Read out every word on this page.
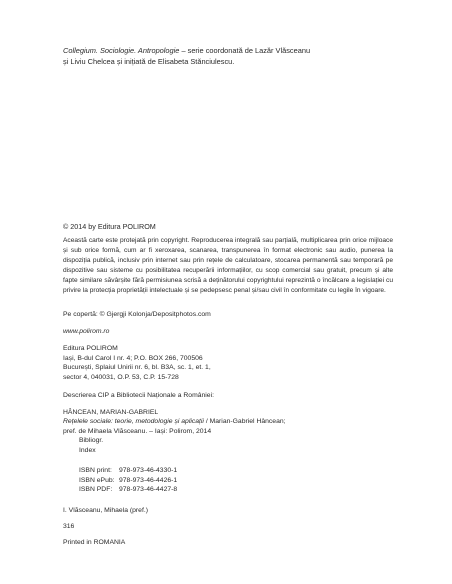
Collegium. Sociologie. Antropologie – serie coordonată de Lazăr Vlăsceanu
și Liviu Chelcea și inițiată de Elisabeta Stănciulescu.
© 2014 by Editura POLIROM
Această carte este protejată prin copyright. Reproducerea integrală sau parțială, multiplicarea prin orice mijloace și sub orice formă, cum ar fi xeroxarea, scanarea, transpunerea în format electronic sau audio, punerea la dispoziția publică, inclusiv prin internet sau prin rețele de calculatoare, stocarea permanentă sau temporară pe dispozitive sau sisteme cu posibilitatea recuperării informațiilor, cu scop comercial sau gratuit, precum și alte fapte similare săvârșite fără permisiunea scrisă a deținătorului copyrightului reprezintă o încălcare a legislației cu privire la protecția proprietății intelectuale și se pedepsesc penal și/sau civil în conformitate cu legile în vigoare.
Pe copertă: © Gjergji Kolonja/Depositphotos.com
www.polirom.ro
Editura POLIROM
Iași, B-dul Carol I nr. 4; P.O. BOX 266, 700506
București, Splaiul Unirii nr. 6, bl. B3A, sc. 1, et. 1,
sector 4, 040031, O.P. 53, C.P. 15-728
Descrierea CIP a Bibliotecii Naționale a României:
HÂNCEAN, MARIAN-GABRIEL
Rețelele sociale: teorie, metodologie și aplicații / Marian-Gabriel Hâncean;
pref. de Mihaela Vlăsceanu. – Iași: Polirom, 2014
Bibliogr.
Index
ISBN print: 978-973-46-4330-1
ISBN ePub: 978-973-46-4426-1
ISBN PDF: 978-973-46-4427-8
I. Vlăsceanu, Mihaela (pref.)
316
Printed in ROMANIA
